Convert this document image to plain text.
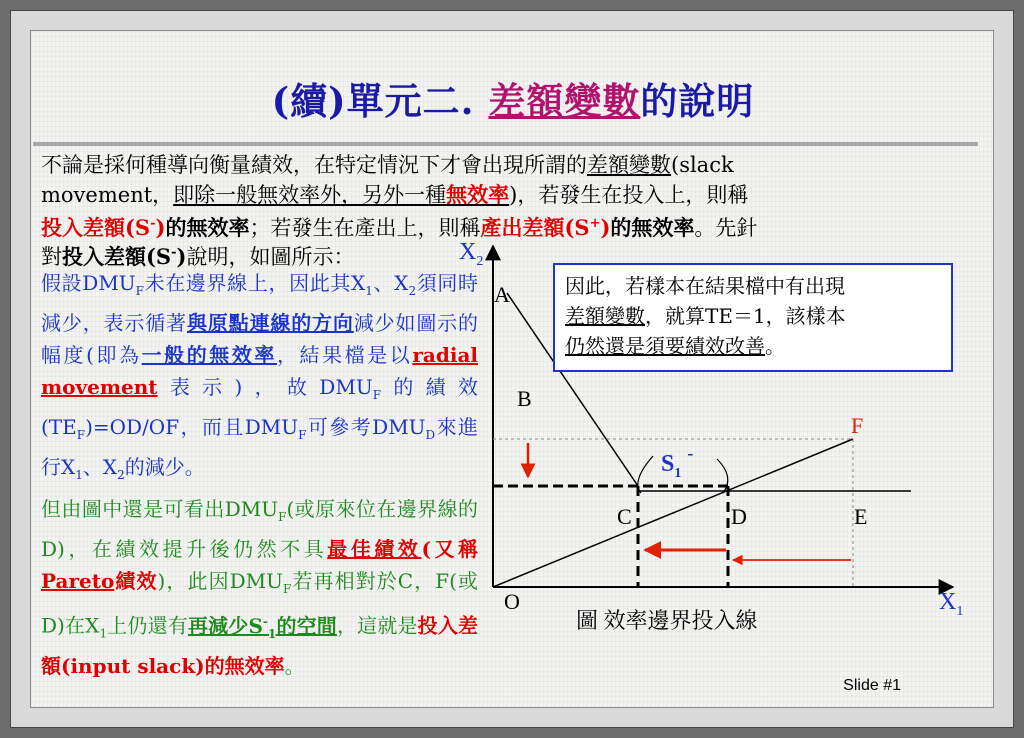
(續)單元二. 差額變數的說明
不論是採何種導向衡量績效，在特定情況下才會出現所謂的差額變數(slack
movement，即除一般無效率外，另外一種無效率)，若發生在投入上，則稱
投入差額(S-)的無效率；若發生在產出上，則稱產出差額(S+)的無效率。先針
對投入差額(S-)說明，如圖所示：
假設$DMU_F$未在邊界線上，因此其$X_1$、$X_2$須同時減少，表示循著與原點連線的方向減少如圖示的幅度(即為一般的無效率，結果檔是以radial movement表示)，故$DMU_F$的績效$(TE_F)=OD/OF$，而且$DMU_F$可參考$DMU_D$來進行$X_1$、$X_2$的減少。
但由圖中還是可看出$DMU_F$(或原來位在邊界線的D)，在績效提升後仍然不具最佳績效(又稱Pareto績效)，此因$DMU_F$若再相對於C，F(或D)在$X_1$上仍還有再減少$S^-_1$的空間，這就是投入差額(input slack)的無效率。
$X_2$
$X_1$
O
A
B
C	D	E
F
$S_1^-$
圖 效率邊界投入線
因此，若樣本在結果檔中有出現
差額變數，就算TE＝1，該樣本
仍然還是須要績效改善。
Slide #1
